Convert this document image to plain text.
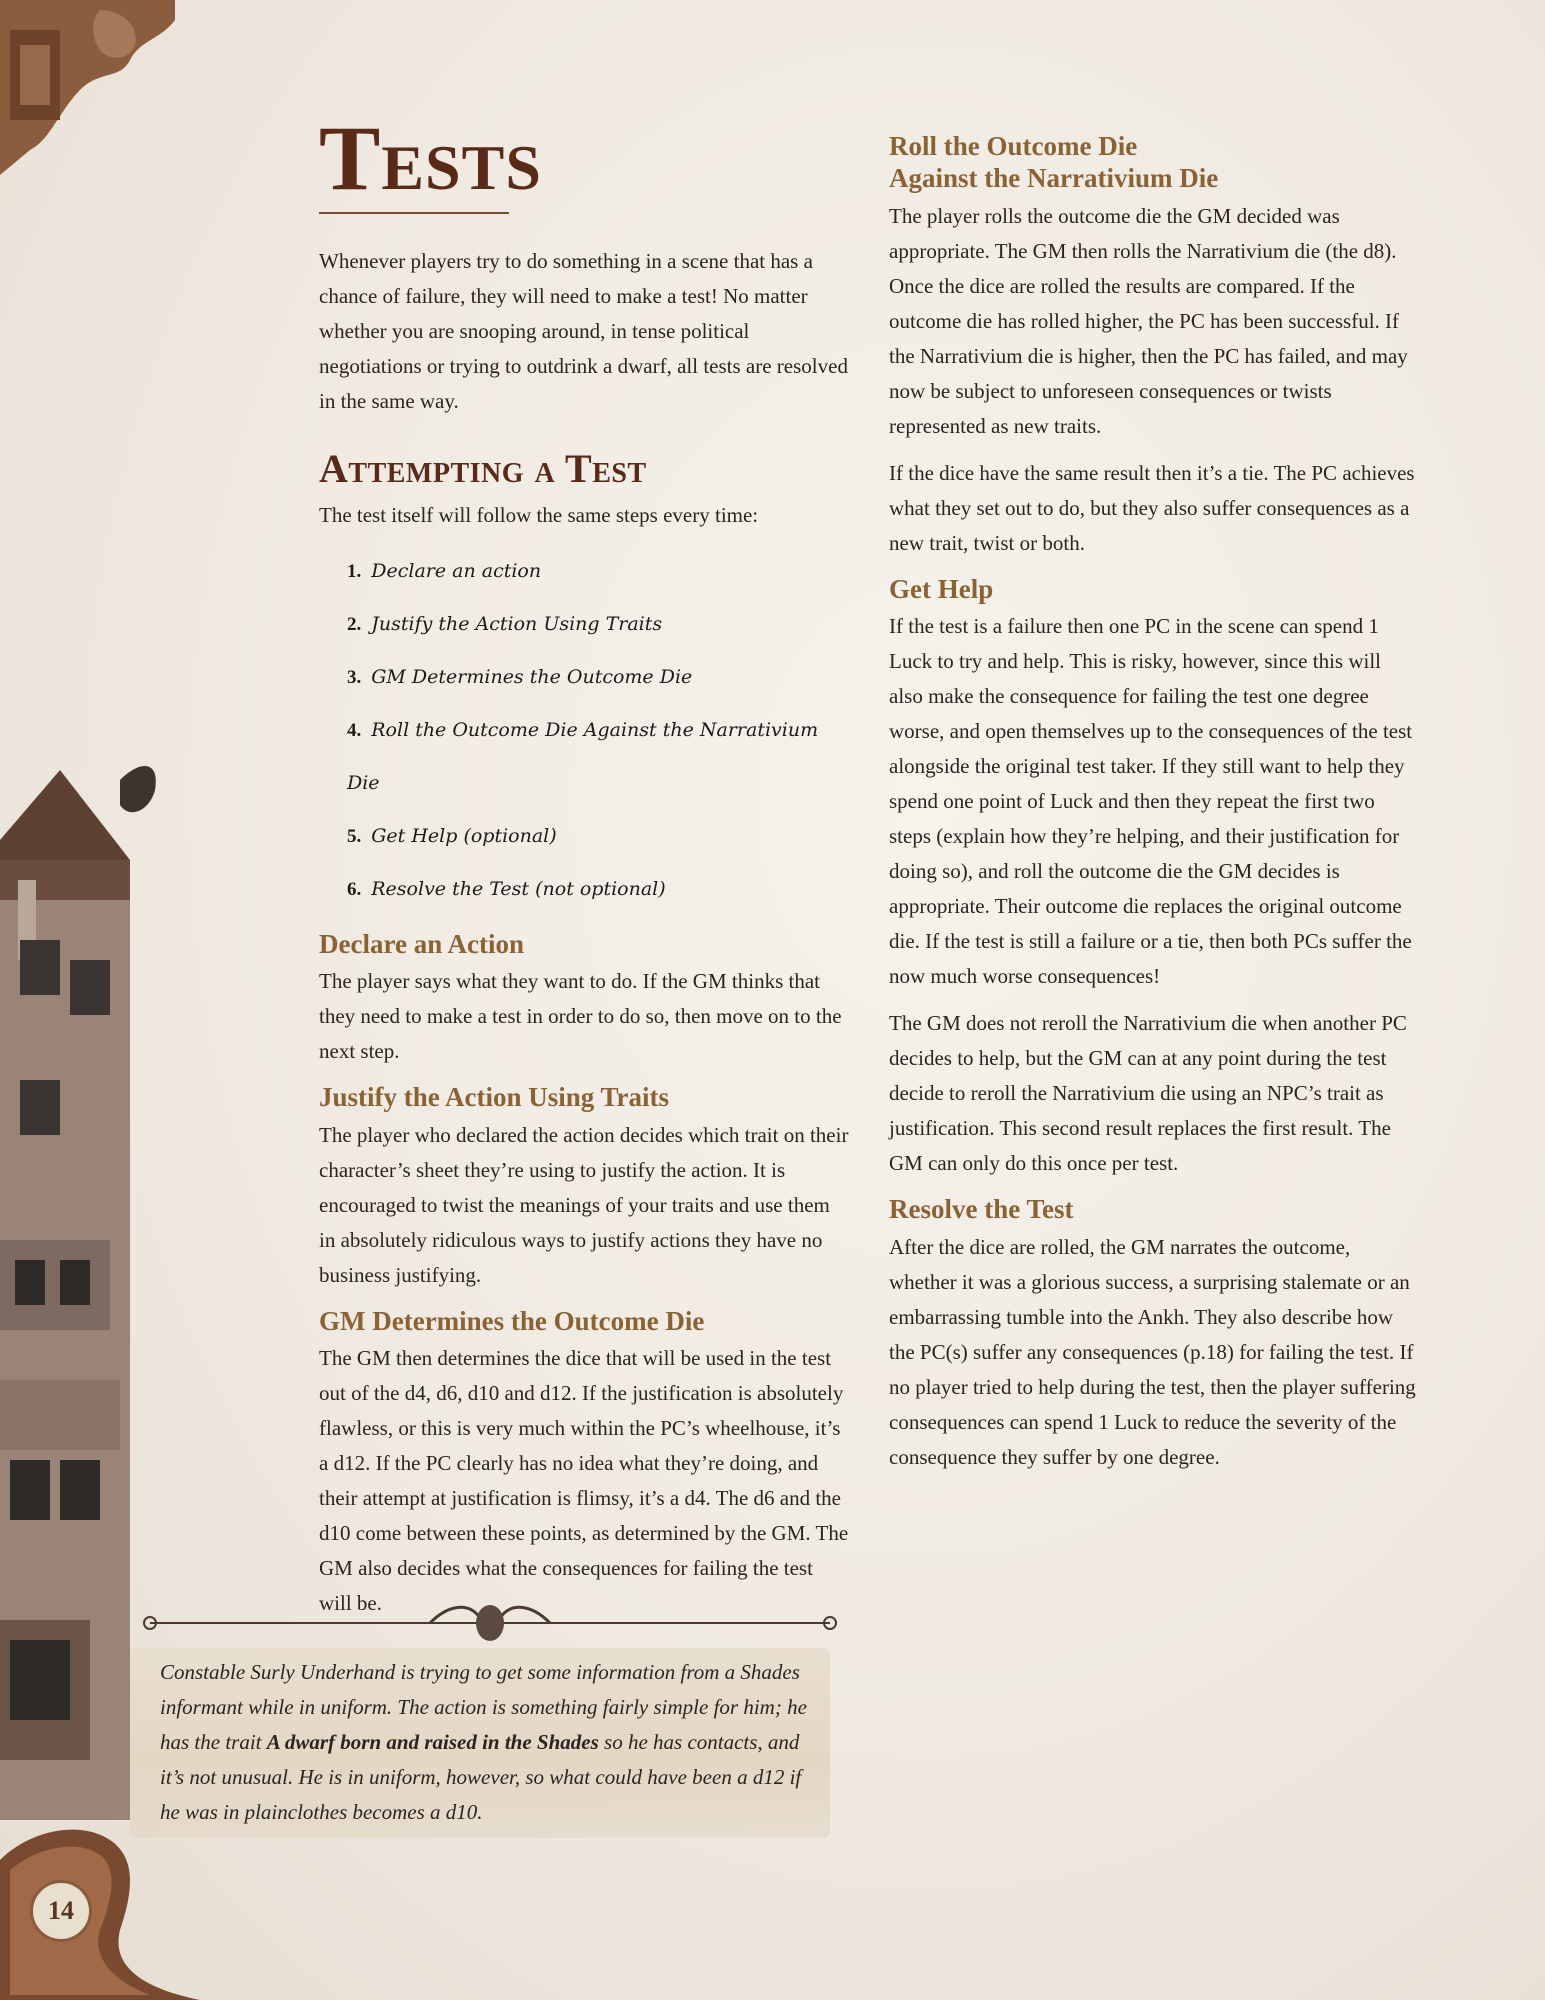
14
Tests

Whenever players try to do something in a scene that has a chance of failure, they will need to make a test! No matter whether you are snooping around, in tense political negotiations or trying to outdrink a dwarf, all tests are resolved in the same way.

Attempting a Test

The test itself will follow the same steps every time:

1. Declare an action
2. Justify the Action Using Traits
3. GM Determines the Outcome Die
4. Roll the Outcome Die Against the Narrativium Die
5. Get Help (optional)
6. Resolve the Test (not optional)
Declare an Action

The player says what they want to do. If the GM thinks that they need to make a test in order to do so, then move on to the next step.

Justify the Action Using Traits

The player who declared the action decides which trait on their character’s sheet they’re using to justify the action. It is encouraged to twist the meanings of your traits and use them in absolutely ridiculous ways to justify actions they have no business justifying.

GM Determines the Outcome Die

The GM then determines the dice that will be used in the test out of the d4, d6, d10 and d12. If the justification is absolutely flawless, or this is very much within the PC’s wheelhouse, it’s a d12. If the PC clearly has no idea what they’re doing, and their attempt at justification is flimsy, it’s a d4. The d6 and the d10 come between these points, as determined by the GM. The GM also decides what the consequences for failing the test will be.

Constable Surly Underhand is trying to get some information from a Shades informant while in uniform. The action is something fairly simple for him; he has the trait A dwarf born and raised in the Shades so he has contacts, and it’s not unusual. He is in uniform, however, so what could have been a d12 if he was in plainclothes becomes a d10.
Roll the Outcome Die
Against the Narrativium Die

The player rolls the outcome die the GM decided was appropriate. The GM then rolls the Narrativium die (the d8). Once the dice are rolled the results are compared. If the outcome die has rolled higher, the PC has been successful. If the Narrativium die is higher, then the PC has failed, and may now be subject to unforeseen consequences or twists represented as new traits.

If the dice have the same result then it’s a tie. The PC achieves what they set out to do, but they also suffer consequences as a new trait, twist or both.

Get Help

If the test is a failure then one PC in the scene can spend 1 Luck to try and help. This is risky, however, since this will also make the consequence for failing the test one degree worse, and open themselves up to the consequences of the test alongside the original test taker. If they still want to help they spend one point of Luck and then they repeat the first two steps (explain how they’re helping, and their justification for doing so), and roll the outcome die the GM decides is appropriate. Their outcome die replaces the original outcome die. If the test is still a failure or a tie, then both PCs suffer the now much worse consequences!

The GM does not reroll the Narrativium die when another PC decides to help, but the GM can at any point during the test decide to reroll the Narrativium die using an NPC’s trait as justification. This second result replaces the first result. The GM can only do this once per test.

Resolve the Test

After the dice are rolled, the GM narrates the outcome, whether it was a glorious success, a surprising stalemate or an embarrassing tumble into the Ankh. They also describe how the PC(s) suffer any consequences (p.18) for failing the test. If no player tried to help during the test, then the player suffering consequences can spend 1 Luck to reduce the severity of the consequence they suffer by one degree.
